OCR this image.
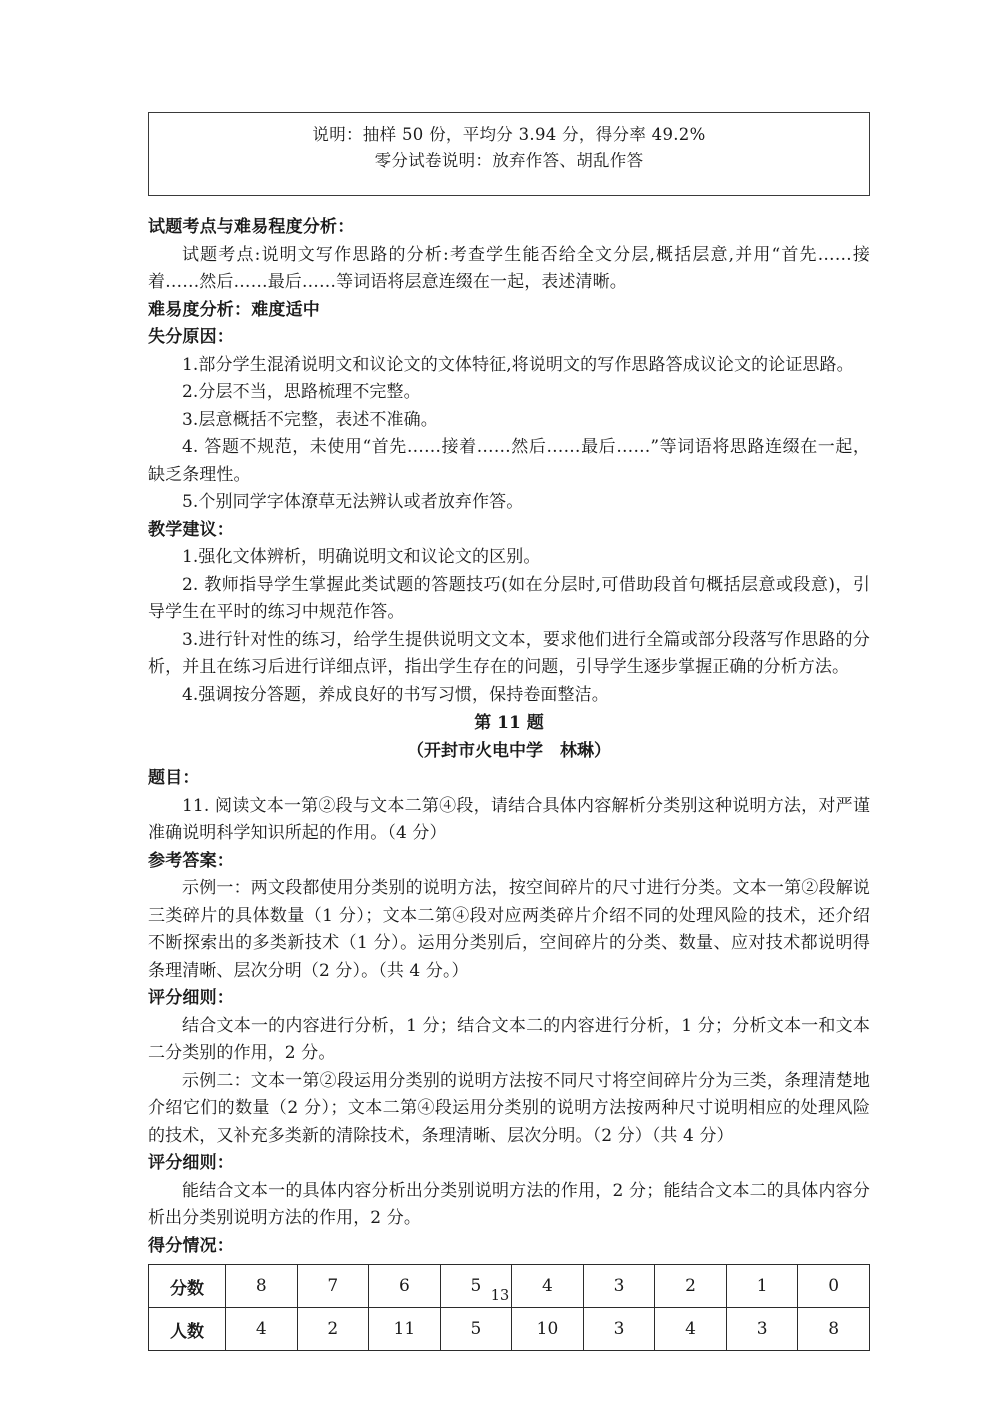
说明：抽样 50 份，平均分 3.94 分，得分率 49.2%
零分试卷说明：放弃作答、胡乱作答
试题考点与难易程度分析：

试题考点:说明文写作思路的分析:考查学生能否给全文分层,概括层意,并用“首先……接着……然后……最后……等词语将层意连缀在一起，表述清晰。

难易度分析：难度适中
失分原因：

1.部分学生混淆说明文和议论文的文体特征,将说明文的写作思路答成议论文的论证思路。

2.分层不当，思路梳理不完整。

3.层意概括不完整，表述不准确。

4. 答题不规范，未使用“首先……接着……然后……最后……”等词语将思路连缀在一起，缺乏条理性。

5.个别同学字体潦草无法辨认或者放弃作答。

教学建议：

1.强化文体辨析，明确说明文和议论文的区别。

2. 教师指导学生掌握此类试题的答题技巧(如在分层时,可借助段首句概括层意或段意)，引导学生在平时的练习中规范作答。

3.进行针对性的练习，给学生提供说明文文本，要求他们进行全篇或部分段落写作思路的分析，并且在练习后进行详细点评，指出学生存在的问题，引导学生逐步掌握正确的分析方法。

4.强调按分答题，养成良好的书写习惯，保持卷面整洁。

第 11 题
（开封市火电中学　林琳）
题目：

11. 阅读文本一第②段与文本二第④段，请结合具体内容解析分类别这种说明方法，对严谨准确说明科学知识所起的作用。（4 分）

参考答案：

示例一：两文段都使用分类别的说明方法，按空间碎片的尺寸进行分类。文本一第②段解说三类碎片的具体数量（1 分）；文本二第④段对应两类碎片介绍不同的处理风险的技术，还介绍不断探索出的多类新技术（1 分）。运用分类别后，空间碎片的分类、数量、应对技术都说明得条理清晰、层次分明（2 分）。（共 4 分。）

评分细则：

结合文本一的内容进行分析，1 分；结合文本二的内容进行分析，1 分；分析文本一和文本二分类别的作用，2 分。

示例二：文本一第②段运用分类别的说明方法按不同尺寸将空间碎片分为三类，条理清楚地介绍它们的数量（2 分）；文本二第④段运用分类别的说明方法按两种尺寸说明相应的处理风险的技术，又补充多类新的清除技术，条理清晰、层次分明。（2 分）（共 4 分）

评分细则：

能结合文本一的具体内容分析出分类别说明方法的作用，2 分；能结合文本二的具体内容分析出分类别说明方法的作用，2 分。

得分情况：
分数	8	7	6	5	4	3	2	1	0
人数	4	2	11	5	10	3	4	3	8
13
